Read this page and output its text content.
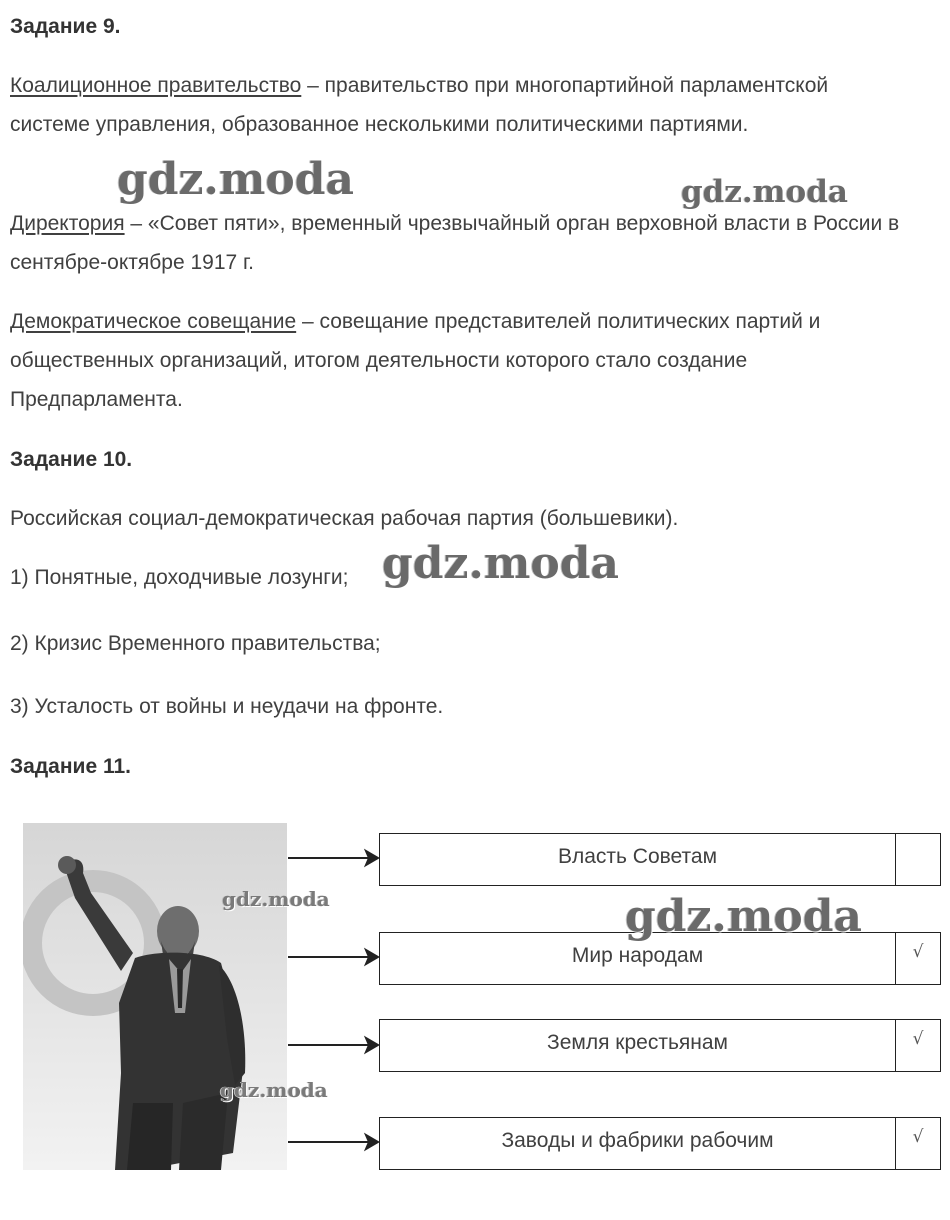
Задание 9.

Коалиционное правительство – правительство при многопартийной парламентской системе управления, образованное несколькими политическими партиями.

Директория – «Совет пяти», временный чрезвычайный орган верховной власти в России в сентябре-октябре 1917 г.

Демократическое совещание – совещание представителей политических партий и общественных организаций, итогом деятельности которого стало создание Предпарламента.

Задание 10.

Российская социал-демократическая рабочая партия (большевики).

1) Понятные, доходчивые лозунги;

2) Кризис Временного правительства;

3) Усталость от войны и неудачи на фронте.

Задание 11.
Власть Советам
Мир народам	√
Земля крестьянам	√
Заводы и фабрики рабочим	√
gdz.moda	gdz.moda
gdz.moda
gdz.moda	gdz.moda
gdz.moda
